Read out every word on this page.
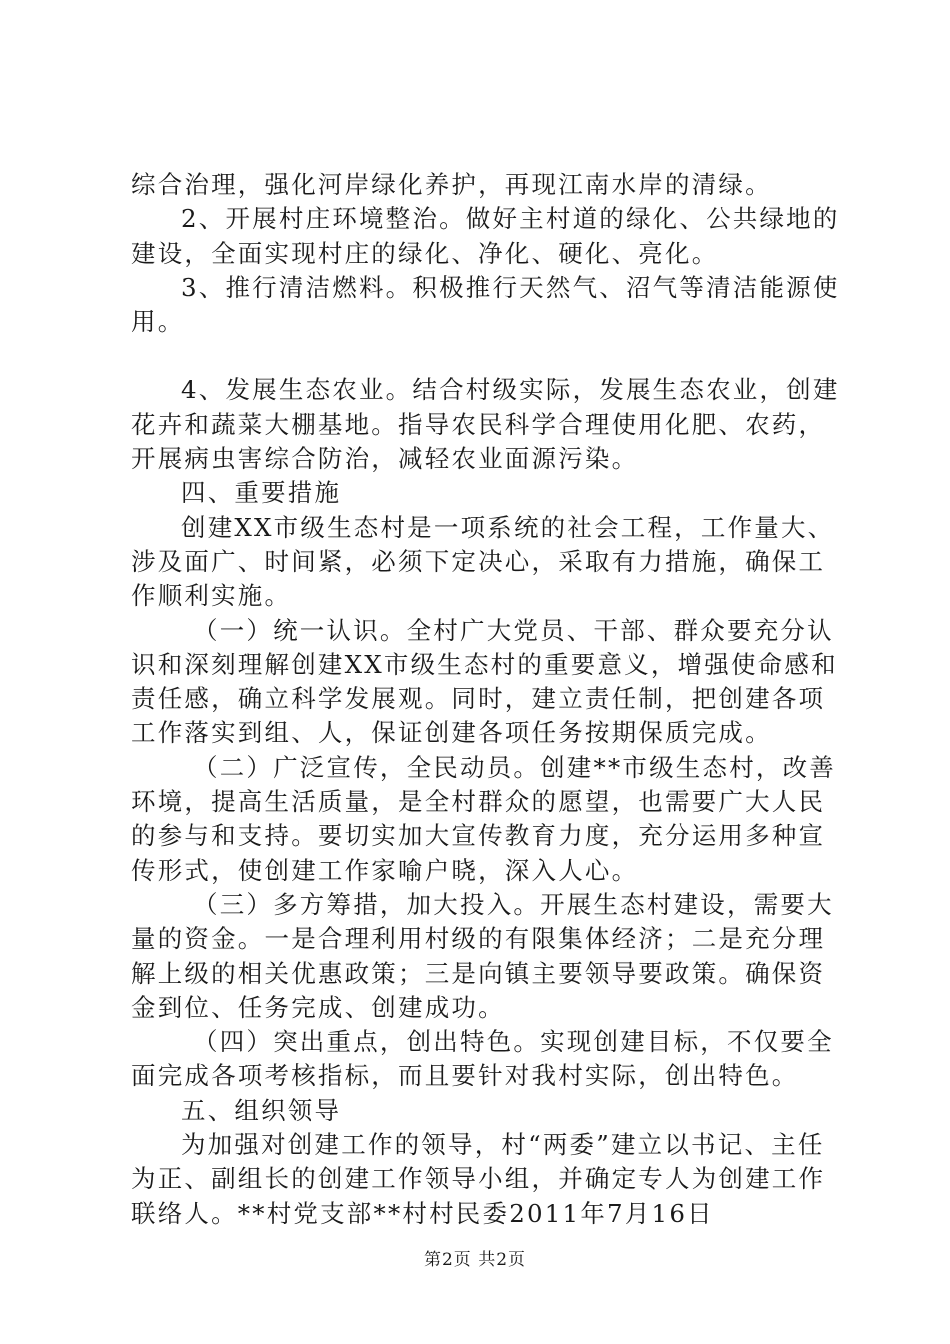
综合治理，强化河岸绿化养护，再现江南水岸的清绿。

2、开展村庄环境整治。做好主村道的绿化、公共绿地的建设，全面实现村庄的绿化、净化、硬化、亮化。

3、推行清洁燃料。积极推行天然气、沼气等清洁能源使用。

4、发展生态农业。结合村级实际，发展生态农业，创建花卉和蔬菜大棚基地。指导农民科学合理使用化肥、农药，开展病虫害综合防治，减轻农业面源污染。

四、重要措施

创建XX市级生态村是一项系统的社会工程，工作量大、涉及面广、时间紧，必须下定决心，采取有力措施，确保工作顺利实施。

（一）统一认识。全村广大党员、干部、群众要充分认识和深刻理解创建XX市级生态村的重要意义，增强使命感和责任感，确立科学发展观。同时，建立责任制，把创建各项工作落实到组、人，保证创建各项任务按期保质完成。

（二）广泛宣传，全民动员。创建**市级生态村，改善环境，提高生活质量，是全村群众的愿望，也需要广大人民的参与和支持。要切实加大宣传教育力度，充分运用多种宣传形式，使创建工作家喻户晓，深入人心。

（三）多方筹措，加大投入。开展生态村建设，需要大量的资金。一是合理利用村级的有限集体经济；二是充分理解上级的相关优惠政策；三是向镇主要领导要政策。确保资金到位、任务完成、创建成功。

（四）突出重点，创出特色。实现创建目标，不仅要全面完成各项考核指标，而且要针对我村实际，创出特色。

五、组织领导

为加强对创建工作的领导，村“两委”建立以书记、主任为正、副组长的创建工作领导小组，并确定专人为创建工作联络人。**村党支部**村村民委2011年7月16日

第2页 共2页
